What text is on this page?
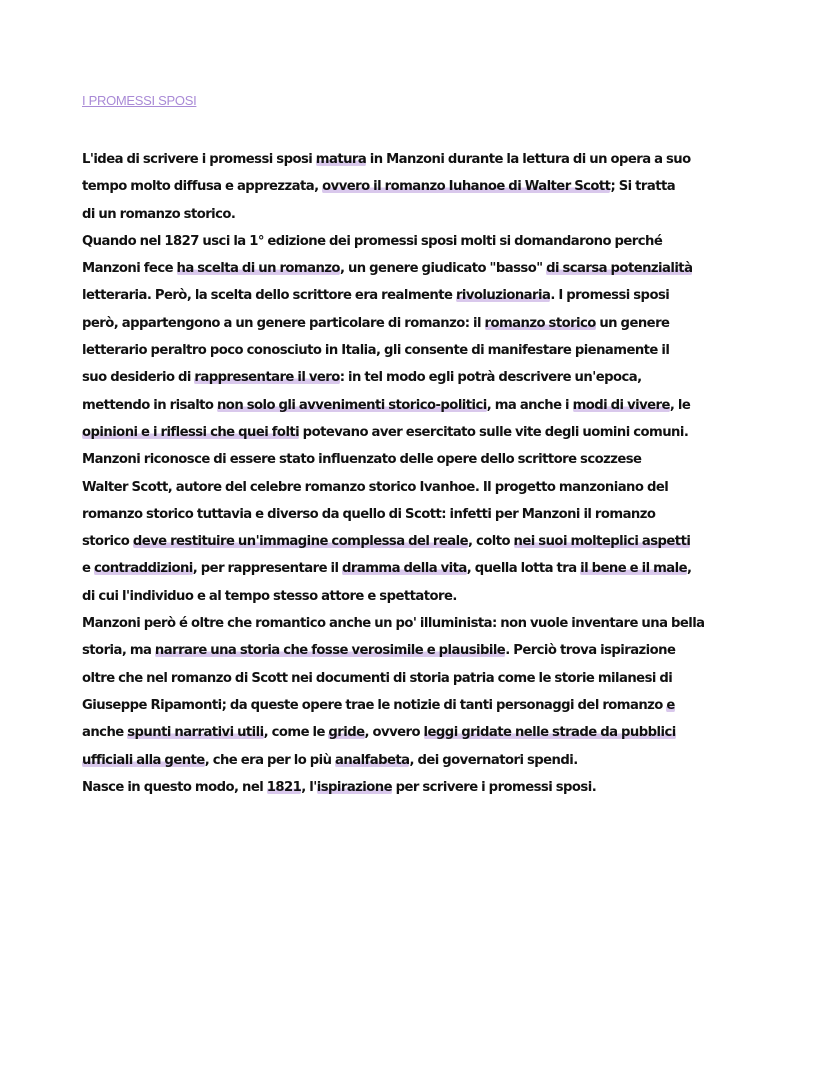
I PROMESSI SPOSI
L'idea di scrivere i promessi sposi matura in Manzoni durante la lettura di un opera a suo
tempo molto diffusa e apprezzata, ovvero il romanzo Iuhanoe di Walter Scott; Si tratta
di un romanzo storico.
Quando nel 1827 usci la 1° edizione dei promessi sposi molti si domandarono perché
Manzoni fece ha scelta di un romanzo, un genere giudicato "basso" di scarsa potenzialità
letteraria. Però, la scelta dello scrittore era realmente rivoluzionaria. I promessi sposi
però, appartengono a un genere particolare di romanzo: il romanzo storico un genere
letterario peraltro poco conosciuto in Italia, gli consente di manifestare pienamente il
suo desiderio di rappresentare il vero: in tel modo egli potrà descrivere un'epoca,
mettendo in risalto non solo gli avvenimenti storico-politici, ma anche i modi di vivere, le
opinioni e i riflessi che quei folti potevano aver esercitato sulle vite degli uomini comuni.
Manzoni riconosce di essere stato influenzato delle opere dello scrittore scozzese
Walter Scott, autore del celebre romanzo storico Ivanhoe. Il progetto manzoniano del
romanzo storico tuttavia e diverso da quello di Scott: infetti per Manzoni il romanzo
storico deve restituire un'immagine complessa del reale, colto nei suoi molteplici aspetti
e contraddizioni, per rappresentare il dramma della vita, quella lotta tra il bene e il male,
di cui l'individuo e al tempo stesso attore e spettatore.
Manzoni però é oltre che romantico anche un po' illuminista: non vuole inventare una bella
storia, ma narrare una storia che fosse verosimile e plausibile. Perciò trova ispirazione
oltre che nel romanzo di Scott nei documenti di storia patria come le storie milanesi di
Giuseppe Ripamonti; da queste opere trae le notizie di tanti personaggi del romanzo e
anche spunti narrativi utili, come le gride, ovvero leggi gridate nelle strade da pubblici
ufficiali alla gente, che era per lo più analfabeta, dei governatori spendi.
Nasce in questo modo, nel 1821, l'ispirazione per scrivere i promessi sposi.
